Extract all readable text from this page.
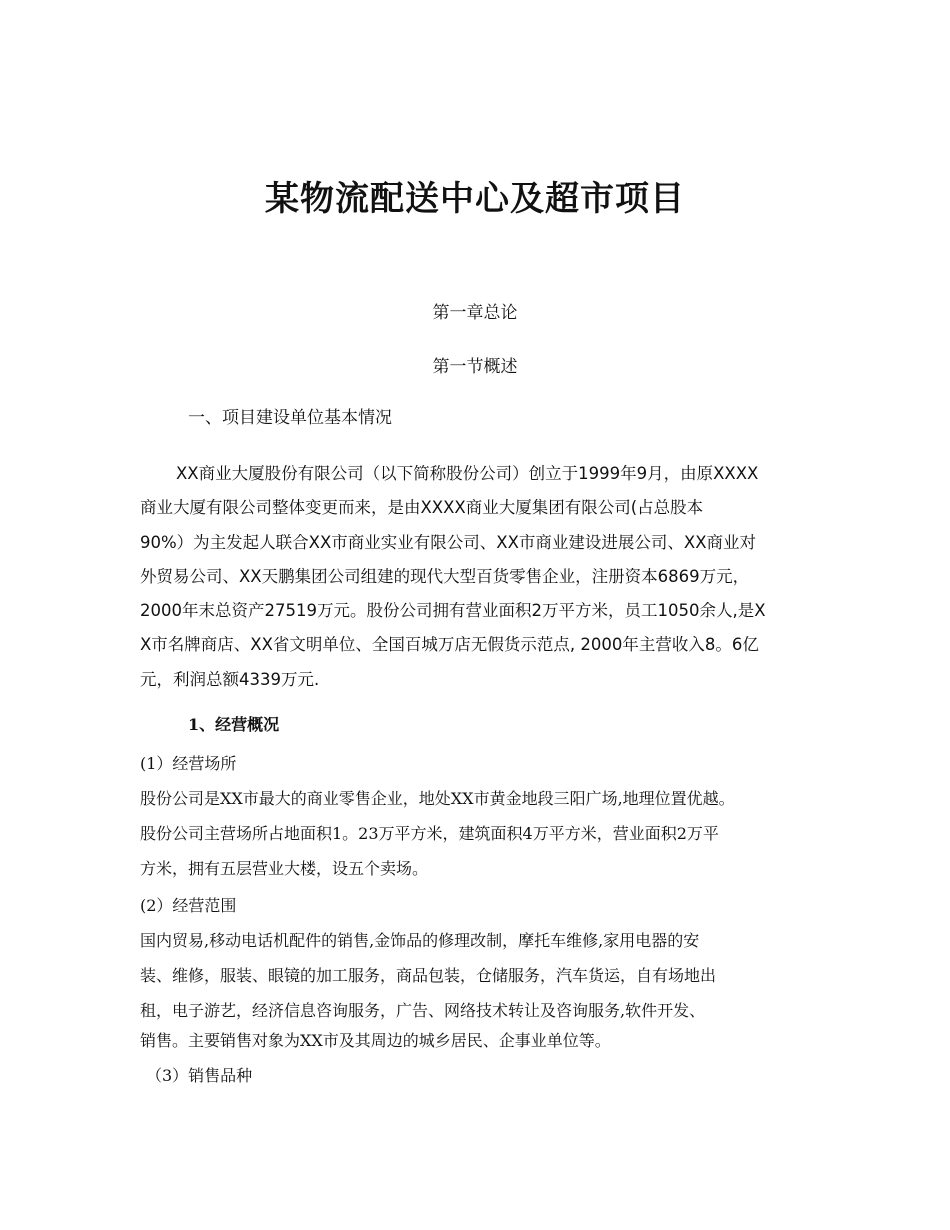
某物流配送中心及超市项目
第一章总论
第一节概述
一、项目建设单位基本情况

XX商业大厦股份有限公司（以下简称股份公司）创立于1999年9月，由原XXXX
商业大厦有限公司整体变更而来，是由XXXX商业大厦集团有限公司(占总股本
90%）为主发起人联合XX市商业实业有限公司、XX市商业建设进展公司、XX商业对
外贸易公司、XX天鹏集团公司组建的现代大型百货零售企业，注册资本6869万元，
2000年末总资产27519万元。股份公司拥有营业面积2万平方米，员工1050余人,是X
X市名牌商店、XX省文明单位、全国百城万店无假货示范点, 2000年主营收入8。6亿
元，利润总额4339万元.

1、经营概况
(1）经营场所
股份公司是XX市最大的商业零售企业，地处XX市黄金地段三阳广场,地理位置优越。
股份公司主营场所占地面积1。23万平方米，建筑面积4万平方米，营业面积2万平
方米，拥有五层营业大楼，设五个卖场。
(2）经营范围
国内贸易,移动电话机配件的销售,金饰品的修理改制，摩托车维修,家用电器的安
装、维修，服装、眼镜的加工服务，商品包装，仓储服务，汽车货运，自有场地出
租，电子游艺，经济信息咨询服务，广告、网络技术转让及咨询服务,软件开发、
销售。主要销售对象为XX市及其周边的城乡居民、企事业单位等。
（3）销售品种
